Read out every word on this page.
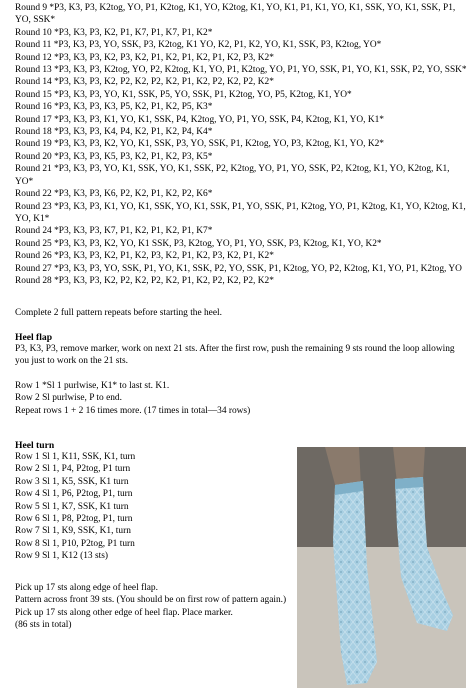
Round 9 *P3, K3, P3, K2tog, YO, P1, K2tog, K1, YO, K2tog, K1, YO, K1, P1, K1, YO, K1, SSK, YO, K1, SSK, P1, YO, SSK*

Round 10 *P3, K3, P3, K2, P1, K7, P1, K7, P1, K2*

Round 11 *P3, K3, P3, YO, SSK, P3, K2tog, K1 YO, K2, P1, K2, YO, K1, SSK, P3, K2tog, YO*

Round 12 *P3, K3, P3, K2, P3, K2, P1, K2, P1, K2, P1, K2, P3, K2*

Round 13 *P3, K3, P3, K2tog, YO, P2, K2tog, K1, YO, P1, K2tog, YO, P1, YO, SSK, P1, YO, K1, SSK, P2, YO, SSK*

Round 14 *P3, K3, P3, K2, P2, K2, P2, K2, P1, K2, P2, K2, P2, K2*

Round 15 *P3, K3, P3, YO, K1, SSK, P5, YO, SSK, P1, K2tog, YO, P5, K2tog, K1, YO*

Round 16 *P3, K3, P3, K3, P5, K2, P1, K2, P5, K3*

Round 17 *P3, K3, P3, K1, YO, K1, SSK, P4, K2tog, YO, P1, YO, SSK, P4, K2tog, K1, YO, K1*

Round 18 *P3, K3, P3, K4, P4, K2, P1, K2, P4, K4*

Round 19 *P3, K3, P3, K2, YO, K1, SSK, P3, YO, SSK, P1, K2tog, YO, P3, K2tog, K1, YO, K2*

Round 20 *P3, K3, P3, K5, P3, K2, P1, K2, P3, K5*

Round 21 *P3, K3, P3, YO, K1, SSK, YO, K1, SSK, P2, K2tog, YO, P1, YO, SSK, P2, K2tog, K1, YO, K2tog, K1, YO*

Round 22 *P3, K3, P3, K6, P2, K2, P1, K2, P2, K6*

Round 23 *P3, K3, P3, K1, YO, K1, SSK, YO, K1, SSK, P1, YO, SSK, P1, K2tog, YO, P1, K2tog, K1, YO, K2tog, K1, YO, K1*

Round 24 *P3, K3, P3, K7, P1, K2, P1, K2, P1, K7*

Round 25 *P3, K3, P3, K2, YO, K1 SSK, P3, K2tog, YO, P1, YO, SSK, P3, K2tog, K1, YO, K2*

Round 26 *P3, K3, P3, K2, P1, K2, P3, K2, P1, K2, P3, K2, P1, K2*

Round 27 *P3, K3, P3, YO, SSK, P1, YO, K1, SSK, P2, YO, SSK, P1, K2tog, YO, P2, K2tog, K1, YO, P1, K2tog, YO

Round 28 *P3, K3, P3, K2, P2, K2, P2, K2, P1, K2, P2, K2, P2, K2*

Complete 2 full pattern repeats before starting the heel.

Heel flap

P3, K3, P3, remove marker, work on next 21 sts. After the first row, push the remaining 9 sts round the loop allowing you just to work on the 21 sts.

Row 1 *Sl 1 purlwise, K1* to last st. K1.

Row 2 Sl purlwise, P to end.

Repeat rows 1 + 2 16 times more. (17 times in total—34 rows)

Heel turn

Row 1 Sl 1, K11, SSK, K1, turn

Row 2 Sl 1, P4, P2tog, P1 turn

Row 3 Sl 1, K5, SSK, K1 turn

Row 4 Sl 1, P6, P2tog, P1, turn

Row 5 Sl 1, K7, SSK, K1 turn

Row 6 Sl 1, P8, P2tog, P1, turn

Row 7 Sl 1, K9, SSK, K1, turn

Row 8 Sl 1, P10, P2tog, P1 turn

Row 9 Sl 1, K12 (13 sts)

Pick up 17 sts along edge of heel flap.

Pattern across front 39 sts. (You should be on first row of pattern again.)

Pick up 17 sts along other edge of heel flap. Place marker.

(86 sts in total)
